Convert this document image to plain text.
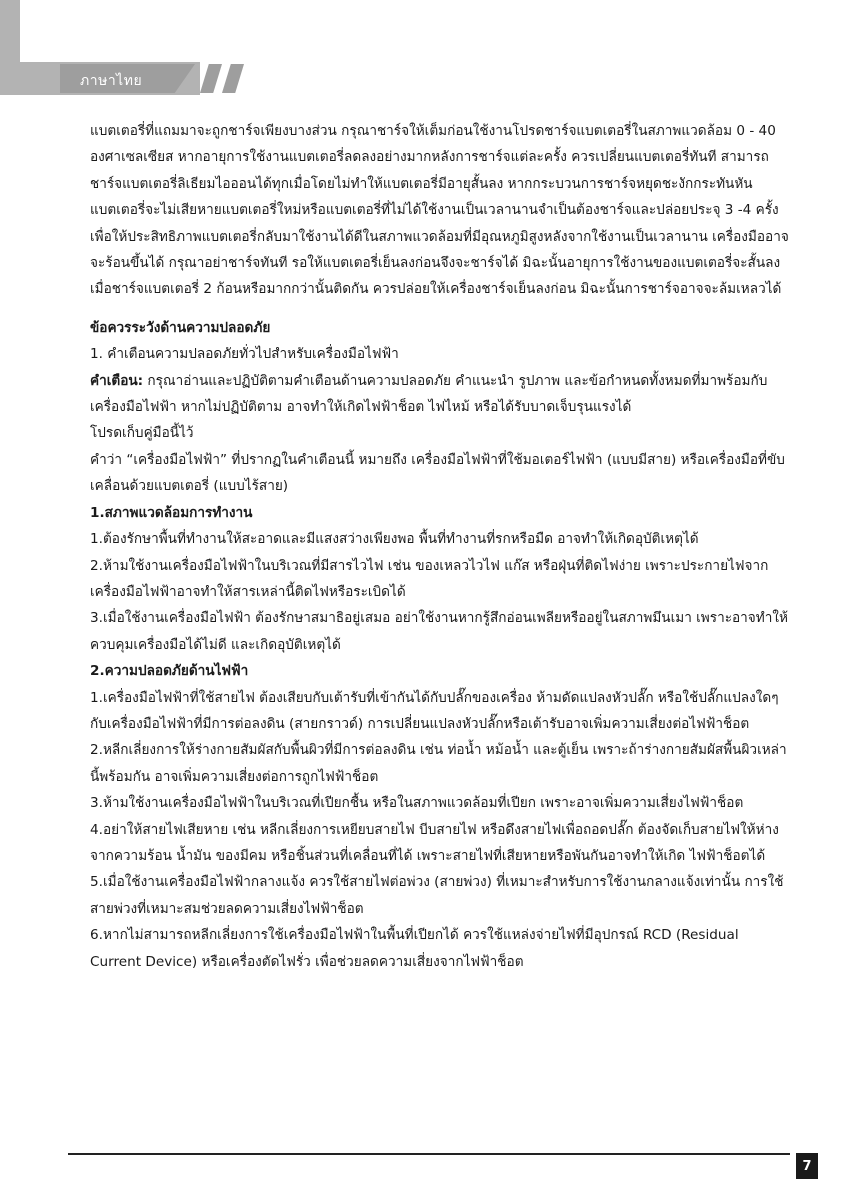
ภาษาไทย

แบตเตอรี่ที่แถมมาจะถูกชาร์จเพียงบางส่วน กรุณาชาร์จให้เต็มก่อนใช้งานโปรดชาร์จแบตเตอรี่ในสภาพแวดล้อม 0 - 40 องศาเซลเซียส หากอายุการใช้งานแบตเตอรี่ลดลงอย่างมากหลังการชาร์จแต่ละครั้ง ควรเปลี่ยนแบตเตอรี่ทันที สามารถชาร์จแบตเตอรี่ลิเธียมไอออนได้ทุกเมื่อโดยไม่ทำให้แบตเตอรี่มีอายุสั้นลง หากกระบวนการชาร์จหยุดชะงักกระทันหันแบตเตอรี่จะไม่เสียหายแบตเตอรี่ใหม่หรือแบตเตอรี่ที่ไม่ได้ใช้งานเป็นเวลานานจำเป็นต้องชาร์จและปล่อยประจุ 3 -4 ครั้งเพื่อให้ประสิทธิภาพแบตเตอรี่กลับมาใช้งานได้ดีในสภาพแวดล้อมที่มีอุณหภูมิสูงหลังจากใช้งานเป็นเวลานาน เครื่องมืออาจจะร้อนขึ้นได้ กรุณาอย่าชาร์จทันที รอให้แบตเตอรี่เย็นลงก่อนจึงจะชาร์จได้ มิฉะนั้นอายุการใช้งานของแบตเตอรี่จะสั้นลงเมื่อชาร์จแบตเตอรี่ 2 ก้อนหรือมากกว่านั้นติดกัน ควรปล่อยให้เครื่องชาร์จเย็นลงก่อน มิฉะนั้นการชาร์จอาจจะล้มเหลวได้

ข้อควรระวังด้านความปลอดภัย

1. คำเตือนความปลอดภัยทั่วไปสำหรับเครื่องมือไฟฟ้า

คำเตือน: กรุณาอ่านและปฏิบัติตามคำเตือนด้านความปลอดภัย คำแนะนำ รูปภาพ และข้อกำหนดทั้งหมดที่มาพร้อมกับเครื่องมือไฟฟ้า หากไม่ปฏิบัติตาม อาจทำให้เกิดไฟฟ้าช็อต ไฟไหม้ หรือได้รับบาดเจ็บรุนแรงได้

โปรดเก็บคู่มือนี้ไว้

คำว่า “เครื่องมือไฟฟ้า” ที่ปรากฏในคำเตือนนี้ หมายถึง เครื่องมือไฟฟ้าที่ใช้มอเตอร์ไฟฟ้า (แบบมีสาย) หรือเครื่องมือที่ขับเคลื่อนด้วยแบตเตอรี่ (แบบไร้สาย)

1.สภาพแวดล้อมการทำงาน

1.ต้องรักษาพื้นที่ทำงานให้สะอาดและมีแสงสว่างเพียงพอ พื้นที่ทำงานที่รกหรือมืด อาจทำให้เกิดอุบัติเหตุได้

2.ห้ามใช้งานเครื่องมือไฟฟ้าในบริเวณที่มีสารไวไฟ เช่น ของเหลวไวไฟ แก๊ส หรือฝุ่นที่ติดไฟง่าย เพราะประกายไฟจากเครื่องมือไฟฟ้าอาจทำให้สารเหล่านี้ติดไฟหรือระเบิดได้

3.เมื่อใช้งานเครื่องมือไฟฟ้า ต้องรักษาสมาธิอยู่เสมอ อย่าใช้งานหากรู้สึกอ่อนเพลียหรืออยู่ในสภาพมึนเมา เพราะอาจทำให้ควบคุมเครื่องมือได้ไม่ดี และเกิดอุบัติเหตุได้

2.ความปลอดภัยด้านไฟฟ้า

1.เครื่องมือไฟฟ้าที่ใช้สายไฟ ต้องเสียบกับเต้ารับที่เข้ากันได้กับปลั๊กของเครื่อง ห้ามดัดแปลงหัวปลั๊ก หรือใช้ปลั๊กแปลงใดๆกับเครื่องมือไฟฟ้าที่มีการต่อลงดิน (สายกราวด์) การเปลี่ยนแปลงหัวปลั๊กหรือเต้ารับอาจเพิ่มความเสี่ยงต่อไฟฟ้าช็อต

2.หลีกเลี่ยงการให้ร่างกายสัมผัสกับพื้นผิวที่มีการต่อลงดิน เช่น ท่อน้ำ หม้อน้ำ และตู้เย็น เพราะถ้าร่างกายสัมผัสพื้นผิวเหล่านี้พร้อมกัน อาจเพิ่มความเสี่ยงต่อการถูกไฟฟ้าช็อต

3.ห้ามใช้งานเครื่องมือไฟฟ้าในบริเวณที่เปียกชื้น หรือในสภาพแวดล้อมที่เปียก เพราะอาจเพิ่มความเสี่ยงไฟฟ้าช็อต

4.อย่าให้สายไฟเสียหาย เช่น หลีกเลี่ยงการเหยียบสายไฟ บีบสายไฟ หรือดึงสายไฟเพื่อถอดปลั๊ก ต้องจัดเก็บสายไฟให้ห่างจากความร้อน น้ำมัน ของมีคม หรือชิ้นส่วนที่เคลื่อนที่ได้ เพราะสายไฟที่เสียหายหรือพันกันอาจทำให้เกิด ไฟฟ้าช็อตได้

5.เมื่อใช้งานเครื่องมือไฟฟ้ากลางแจ้ง ควรใช้สายไฟต่อพ่วง (สายพ่วง) ที่เหมาะสำหรับการใช้งานกลางแจ้งเท่านั้น การใช้สายพ่วงที่เหมาะสมช่วยลดความเสี่ยงไฟฟ้าช็อต

6.หากไม่สามารถหลีกเลี่ยงการใช้เครื่องมือไฟฟ้าในพื้นที่เปียกได้ ควรใช้แหล่งจ่ายไฟที่มีอุปกรณ์ RCD (Residual Current Device) หรือเครื่องตัดไฟรั่ว เพื่อช่วยลดความเสี่ยงจากไฟฟ้าช็อต

7
